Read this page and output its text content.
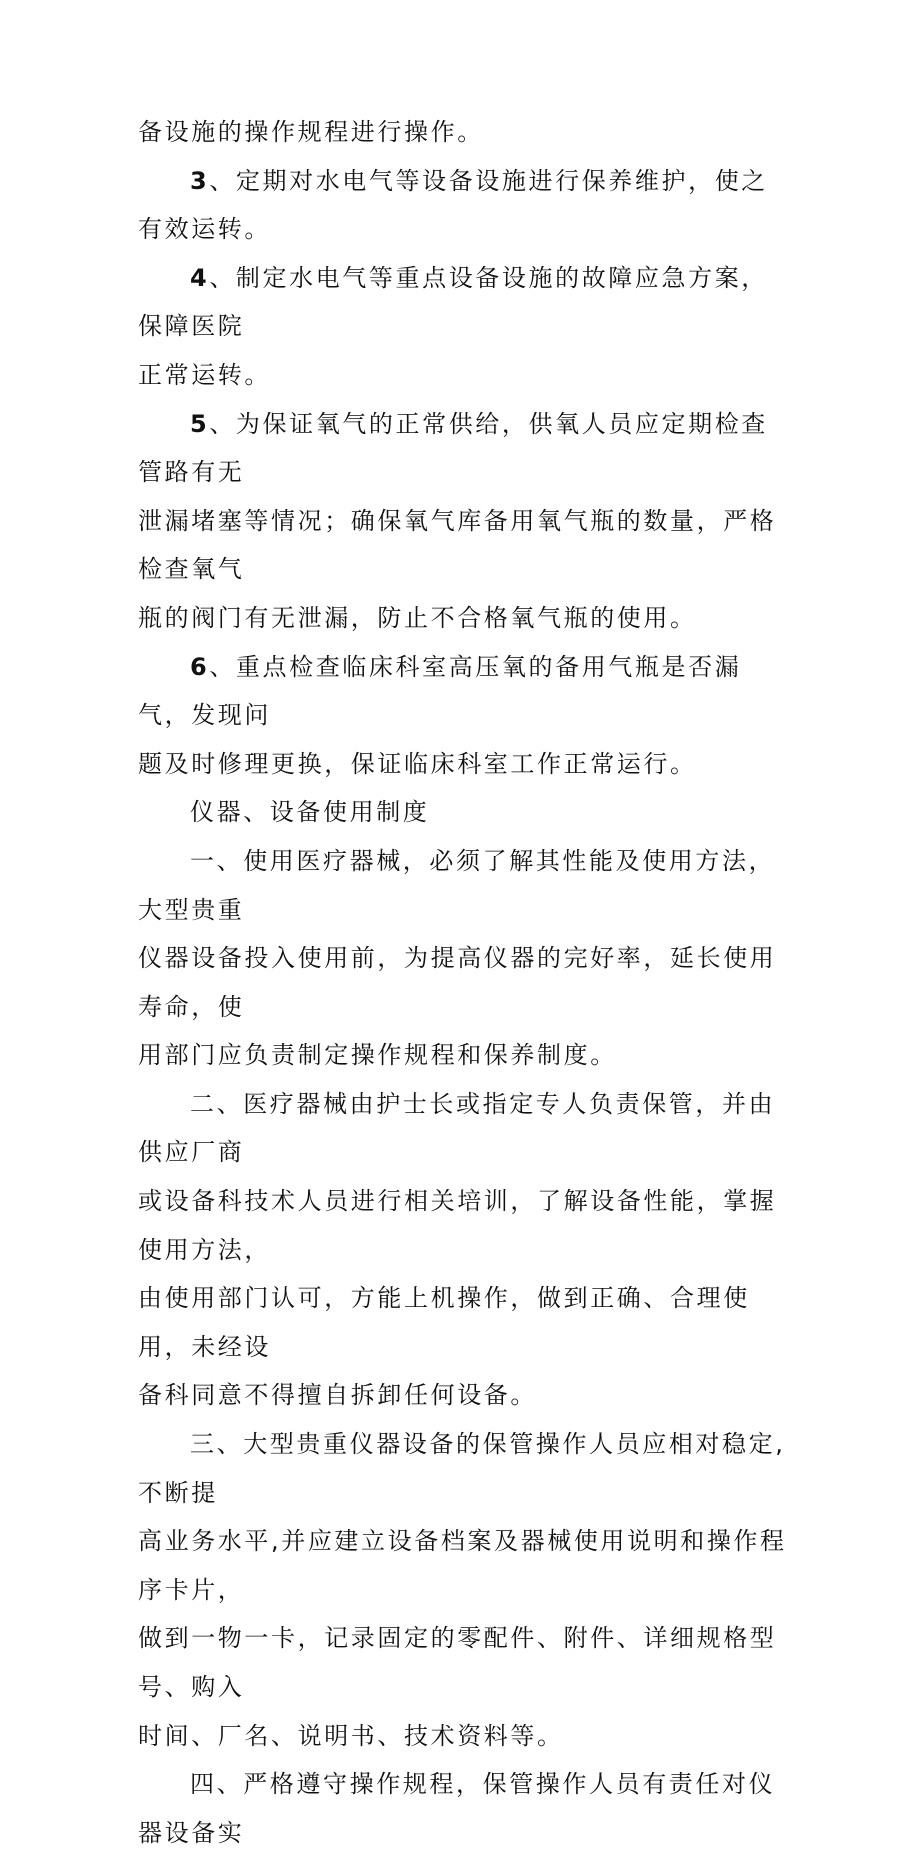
备设施的操作规程进行操作。

3、定期对水电气等设备设施进行保养维护，使之有效运转。

4、制定水电气等重点设备设施的故障应急方案，保障医院
正常运转。

5、为保证氧气的正常供给，供氧人员应定期检查管路有无
泄漏堵塞等情况；确保氧气库备用氧气瓶的数量，严格检查氧气
瓶的阀门有无泄漏，防止不合格氧气瓶的使用。

6、重点检查临床科室高压氧的备用气瓶是否漏气，发现问
题及时修理更换，保证临床科室工作正常运行。

仪器、设备使用制度

一、使用医疗器械，必须了解其性能及使用方法，大型贵重
仪器设备投入使用前，为提高仪器的完好率，延长使用寿命，使
用部门应负责制定操作规程和保养制度。

二、医疗器械由护士长或指定专人负责保管，并由供应厂商
或设备科技术人员进行相关培训，了解设备性能，掌握使用方法，
由使用部门认可，方能上机操作，做到正确、合理使用，未经设
备科同意不得擅自拆卸任何设备。

三、大型贵重仪器设备的保管操作人员应相对稳定,不断提
高业务水平,并应建立设备档案及器械使用说明和操作程序卡片，
做到一物一卡，记录固定的零配件、附件、详细规格型号、购入
时间、厂名、说明书、技术资料等。

四、严格遵守操作规程，保管操作人员有责任对仪器设备实
